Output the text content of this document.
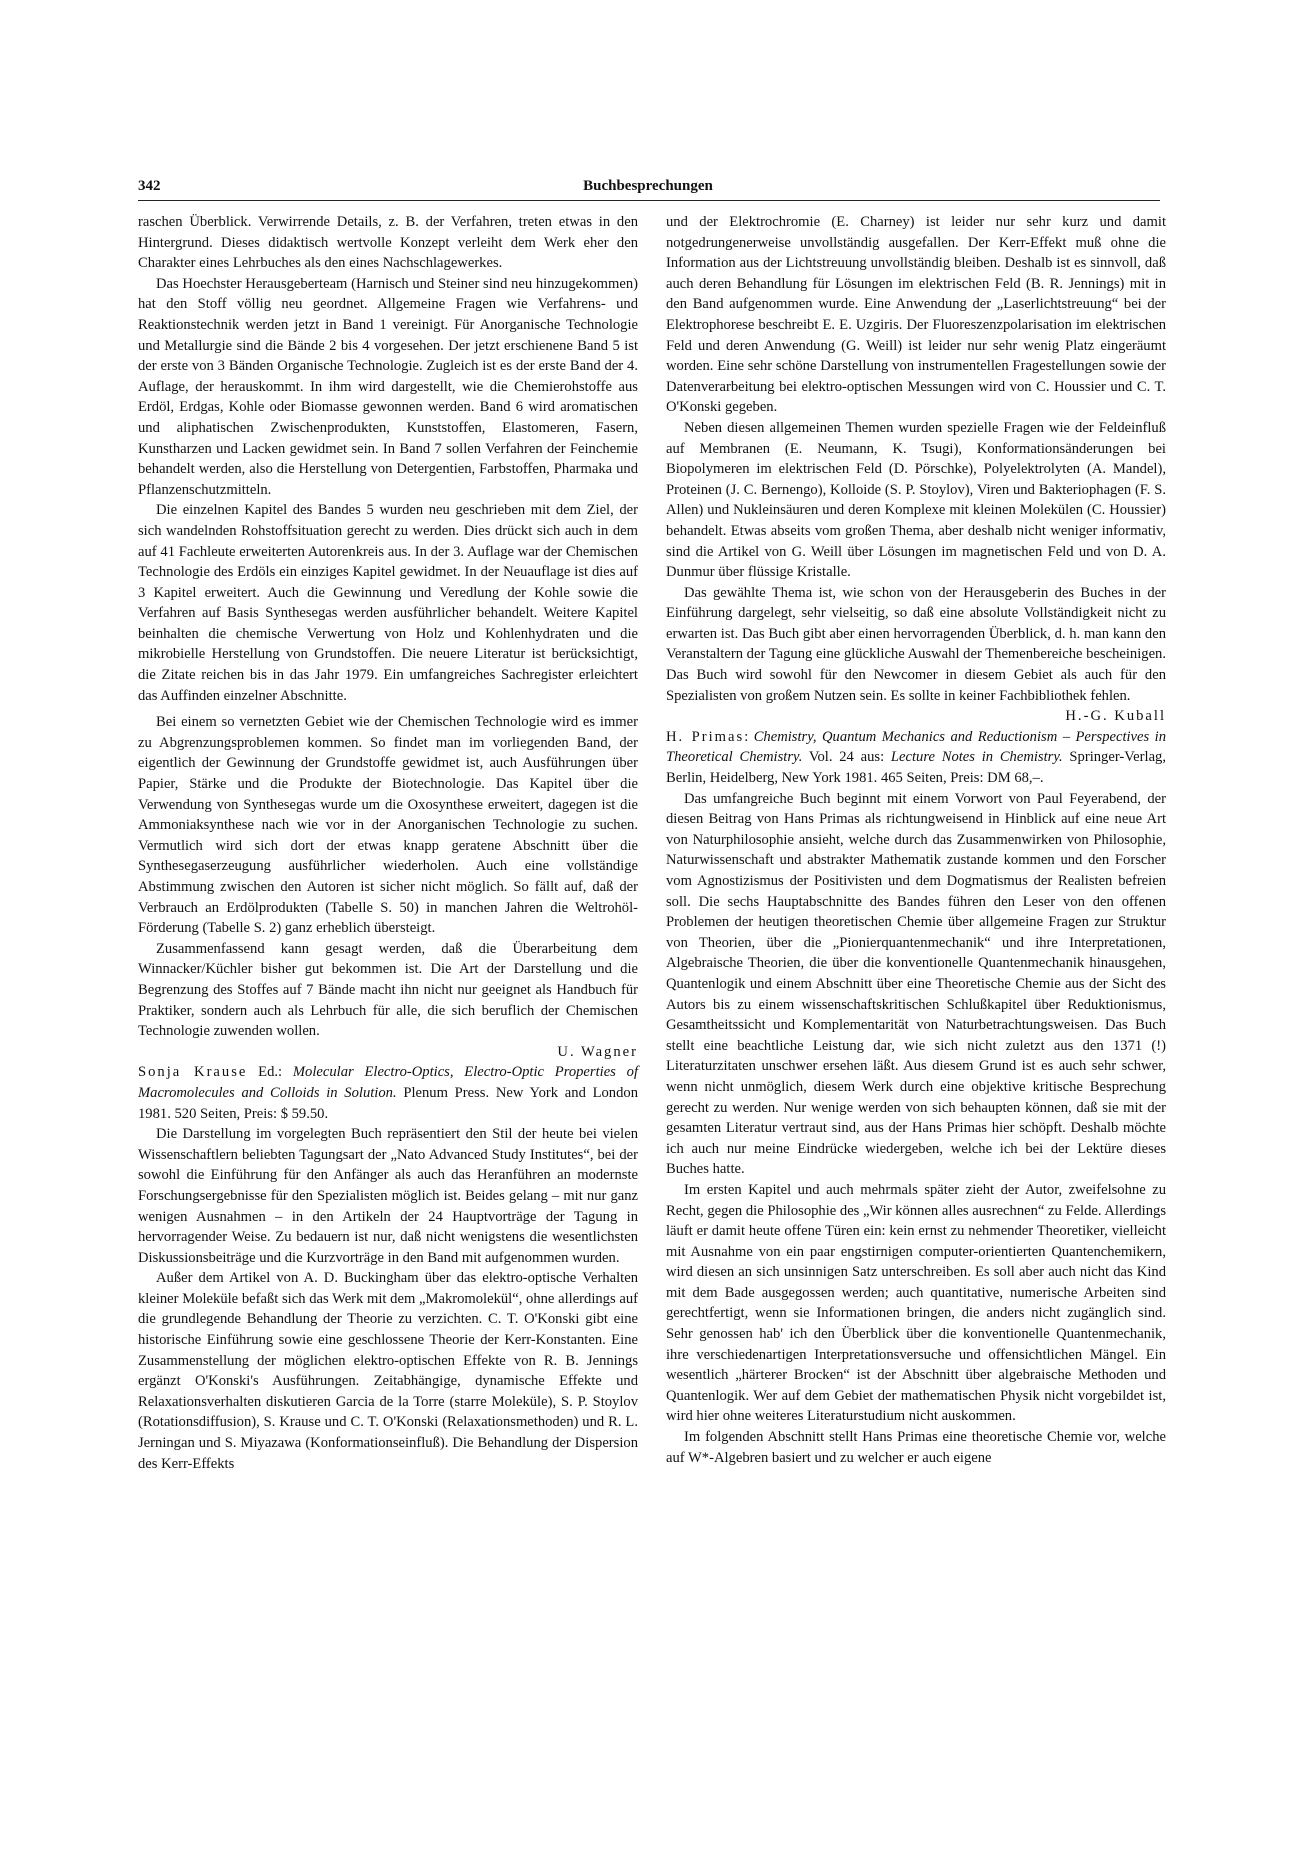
342	Buchbesprechungen

raschen Überblick. Verwirrende Details, z. B. der Verfahren, treten etwas in den Hintergrund. Dieses didaktisch wertvolle Konzept verleiht dem Werk eher den Charakter eines Lehrbuches als den eines Nachschlagewerkes.

Das Hoechster Herausgeberteam (Harnisch und Steiner sind neu hinzugekommen) hat den Stoff völlig neu geordnet. Allgemeine Fragen wie Verfahrens- und Reaktionstechnik werden jetzt in Band 1 vereinigt. Für Anorganische Technologie und Metallurgie sind die Bände 2 bis 4 vorgesehen. Der jetzt erschienene Band 5 ist der erste von 3 Bänden Organische Technologie. Zugleich ist es der erste Band der 4. Auflage, der herauskommt. In ihm wird dargestellt, wie die Chemierohstoffe aus Erdöl, Erdgas, Kohle oder Biomasse gewonnen werden. Band 6 wird aromatischen und aliphatischen Zwischenprodukten, Kunststoffen, Elastomeren, Fasern, Kunstharzen und Lacken gewidmet sein. In Band 7 sollen Verfahren der Feinchemie behandelt werden, also die Herstellung von Detergentien, Farbstoffen, Pharmaka und Pflanzenschutzmitteln.

Die einzelnen Kapitel des Bandes 5 wurden neu geschrieben mit dem Ziel, der sich wandelnden Rohstoffsituation gerecht zu werden. Dies drückt sich auch in dem auf 41 Fachleute erweiterten Autorenkreis aus. In der 3. Auflage war der Chemischen Technologie des Erdöls ein einziges Kapitel gewidmet. In der Neuauflage ist dies auf 3 Kapitel erweitert. Auch die Gewinnung und Veredlung der Kohle sowie die Verfahren auf Basis Synthesegas werden ausführlicher behandelt. Weitere Kapitel beinhalten die chemische Verwertung von Holz und Kohlenhydraten und die mikrobielle Herstellung von Grundstoffen. Die neuere Literatur ist berücksichtigt, die Zitate reichen bis in das Jahr 1979. Ein umfangreiches Sachregister erleichtert das Auffinden einzelner Abschnitte.

Bei einem so vernetzten Gebiet wie der Chemischen Technologie wird es immer zu Abgrenzungsproblemen kommen. So findet man im vorliegenden Band, der eigentlich der Gewinnung der Grundstoffe gewidmet ist, auch Ausführungen über Papier, Stärke und die Produkte der Biotechnologie. Das Kapitel über die Verwendung von Synthesegas wurde um die Oxosynthese erweitert, dagegen ist die Ammoniaksynthese nach wie vor in der Anorganischen Technologie zu suchen. Vermutlich wird sich dort der etwas knapp geratene Abschnitt über die Synthesegaserzeugung ausführlicher wiederholen. Auch eine vollständige Abstimmung zwischen den Autoren ist sicher nicht möglich. So fällt auf, daß der Verbrauch an Erdölprodukten (Tabelle S. 50) in manchen Jahren die Weltrohöl-Förderung (Tabelle S. 2) ganz erheblich übersteigt.

Zusammenfassend kann gesagt werden, daß die Überarbeitung dem Winnacker/Küchler bisher gut bekommen ist. Die Art der Darstellung und die Begrenzung des Stoffes auf 7 Bände macht ihn nicht nur geeignet als Handbuch für Praktiker, sondern auch als Lehrbuch für alle, die sich beruflich der Chemischen Technologie zuwenden wollen.

U. Wagner

Sonja Krause Ed.: Molecular Electro-Optics, Electro-Optic Properties of Macromolecules and Colloids in Solution. Plenum Press. New York and London 1981. 520 Seiten, Preis: $ 59.50.

Die Darstellung im vorgelegten Buch repräsentiert den Stil der heute bei vielen Wissenschaftlern beliebten Tagungsart der „Nato Advanced Study Institutes“, bei der sowohl die Einführung für den Anfänger als auch das Heranführen an modernste Forschungsergebnisse für den Spezialisten möglich ist. Beides gelang – mit nur ganz wenigen Ausnahmen – in den Artikeln der 24 Hauptvorträge der Tagung in hervorragender Weise. Zu bedauern ist nur, daß nicht wenigstens die wesentlichsten Diskussionsbeiträge und die Kurzvorträge in den Band mit aufgenommen wurden.

Außer dem Artikel von A. D. Buckingham über das elektro-optische Verhalten kleiner Moleküle befaßt sich das Werk mit dem „Makromolekül“, ohne allerdings auf die grundlegende Behandlung der Theorie zu verzichten. C. T. O'Konski gibt eine historische Einführung sowie eine geschlossene Theorie der Kerr-Konstanten. Eine Zusammenstellung der möglichen elektro-optischen Effekte von R. B. Jennings ergänzt O'Konski's Ausführungen. Zeitabhängige, dynamische Effekte und Relaxationsverhalten diskutieren Garcia de la Torre (starre Moleküle), S. P. Stoylov (Rotationsdiffusion), S. Krause und C. T. O'Konski (Relaxationsmethoden) und R. L. Jerningan und S. Miyazawa (Konformationseinfluß). Die Behandlung der Dispersion des Kerr-Effekts

und der Elektrochromie (E. Charney) ist leider nur sehr kurz und damit notgedrungenerweise unvollständig ausgefallen. Der Kerr-Effekt muß ohne die Information aus der Lichtstreuung unvollständig bleiben. Deshalb ist es sinnvoll, daß auch deren Behandlung für Lösungen im elektrischen Feld (B. R. Jennings) mit in den Band aufgenommen wurde. Eine Anwendung der „Laserlichtstreuung“ bei der Elektrophorese beschreibt E. E. Uzgiris. Der Fluoreszenzpolarisation im elektrischen Feld und deren Anwendung (G. Weill) ist leider nur sehr wenig Platz eingeräumt worden. Eine sehr schöne Darstellung von instrumentellen Fragestellungen sowie der Datenverarbeitung bei elektro-optischen Messungen wird von C. Houssier und C. T. O'Konski gegeben.

Neben diesen allgemeinen Themen wurden spezielle Fragen wie der Feldeinfluß auf Membranen (E. Neumann, K. Tsugi), Konformationsänderungen bei Biopolymeren im elektrischen Feld (D. Pörschke), Polyelektrolyten (A. Mandel), Proteinen (J. C. Bernengo), Kolloide (S. P. Stoylov), Viren und Bakteriophagen (F. S. Allen) und Nukleinsäuren und deren Komplexe mit kleinen Molekülen (C. Houssier) behandelt. Etwas abseits vom großen Thema, aber deshalb nicht weniger informativ, sind die Artikel von G. Weill über Lösungen im magnetischen Feld und von D. A. Dunmur über flüssige Kristalle.

Das gewählte Thema ist, wie schon von der Herausgeberin des Buches in der Einführung dargelegt, sehr vielseitig, so daß eine absolute Vollständigkeit nicht zu erwarten ist. Das Buch gibt aber einen hervorragenden Überblick, d. h. man kann den Veranstaltern der Tagung eine glückliche Auswahl der Themenbereiche bescheinigen. Das Buch wird sowohl für den Newcomer in diesem Gebiet als auch für den Spezialisten von großem Nutzen sein. Es sollte in keiner Fachbibliothek fehlen.

H.-G. Kuball

H. Primas: Chemistry, Quantum Mechanics and Reductionism – Perspectives in Theoretical Chemistry. Vol. 24 aus: Lecture Notes in Chemistry. Springer-Verlag, Berlin, Heidelberg, New York 1981. 465 Seiten, Preis: DM 68,–.

Das umfangreiche Buch beginnt mit einem Vorwort von Paul Feyerabend, der diesen Beitrag von Hans Primas als richtungweisend in Hinblick auf eine neue Art von Naturphilosophie ansieht, welche durch das Zusammenwirken von Philosophie, Naturwissenschaft und abstrakter Mathematik zustande kommen und den Forscher vom Agnostizismus der Positivisten und dem Dogmatismus der Realisten befreien soll. Die sechs Hauptabschnitte des Bandes führen den Leser von den offenen Problemen der heutigen theoretischen Chemie über allgemeine Fragen zur Struktur von Theorien, über die „Pionierquantenmechanik“ und ihre Interpretationen, Algebraische Theorien, die über die konventionelle Quantenmechanik hinausgehen, Quantenlogik und einem Abschnitt über eine Theoretische Chemie aus der Sicht des Autors bis zu einem wissenschaftskritischen Schlußkapitel über Reduktionismus, Gesamtheitssicht und Komplementarität von Naturbetrachtungsweisen. Das Buch stellt eine beachtliche Leistung dar, wie sich nicht zuletzt aus den 1371 (!) Literaturzitaten unschwer ersehen läßt. Aus diesem Grund ist es auch sehr schwer, wenn nicht unmöglich, diesem Werk durch eine objektive kritische Besprechung gerecht zu werden. Nur wenige werden von sich behaupten können, daß sie mit der gesamten Literatur vertraut sind, aus der Hans Primas hier schöpft. Deshalb möchte ich auch nur meine Eindrücke wiedergeben, welche ich bei der Lektüre dieses Buches hatte.

Im ersten Kapitel und auch mehrmals später zieht der Autor, zweifelsohne zu Recht, gegen die Philosophie des „Wir können alles ausrechnen“ zu Felde. Allerdings läuft er damit heute offene Türen ein: kein ernst zu nehmender Theoretiker, vielleicht mit Ausnahme von ein paar engstirnigen computer-orientierten Quantenchemikern, wird diesen an sich unsinnigen Satz unterschreiben. Es soll aber auch nicht das Kind mit dem Bade ausgegossen werden; auch quantitative, numerische Arbeiten sind gerechtfertigt, wenn sie Informationen bringen, die anders nicht zugänglich sind. Sehr genossen hab' ich den Überblick über die konventionelle Quantenmechanik, ihre verschiedenartigen Interpretationsversuche und offensichtlichen Mängel. Ein wesentlich „härterer Brocken“ ist der Abschnitt über algebraische Methoden und Quantenlogik. Wer auf dem Gebiet der mathematischen Physik nicht vorgebildet ist, wird hier ohne weiteres Literaturstudium nicht auskommen.

Im folgenden Abschnitt stellt Hans Primas eine theoretische Chemie vor, welche auf W*-Algebren basiert und zu welcher er auch eigene
